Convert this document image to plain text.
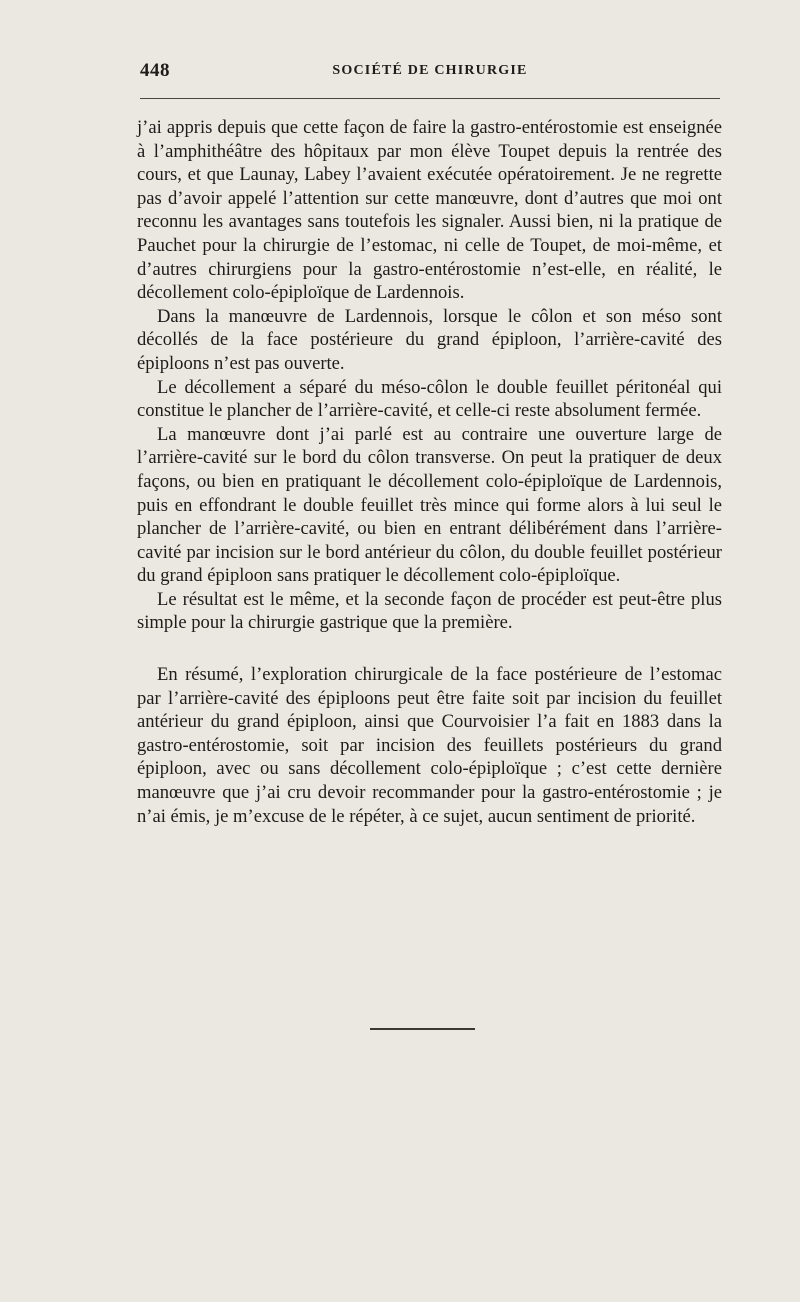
448	SOCIÉTÉ DE CHIRURGIE

j’ai appris depuis que cette façon de faire la gastro-entérostomie est enseignée à l’amphithéâtre des hôpitaux par mon élève Toupet depuis la rentrée des cours, et que Launay, Labey l’avaient exécutée opératoirement. Je ne regrette pas d’avoir appelé l’attention sur cette manœuvre, dont d’autres que moi ont reconnu les avantages sans toutefois les signaler. Aussi bien, ni la pratique de Pauchet pour la chirurgie de l’estomac, ni celle de Toupet, de moi-même, et d’autres chirurgiens pour la gastro-entérostomie n’est-elle, en réalité, le décollement colo-épiploïque de Lardennois.

Dans la manœuvre de Lardennois, lorsque le côlon et son méso sont décollés de la face postérieure du grand épiploon, l’arrière-cavité des épiploons n’est pas ouverte.

Le décollement a séparé du méso-côlon le double feuillet péritonéal qui constitue le plancher de l’arrière-cavité, et celle-ci reste absolument fermée.

La manœuvre dont j’ai parlé est au contraire une ouverture large de l’arrière-cavité sur le bord du côlon transverse. On peut la pratiquer de deux façons, ou bien en pratiquant le décollement colo-épiploïque de Lardennois, puis en effondrant le double feuillet très mince qui forme alors à lui seul le plancher de l’arrière-cavité, ou bien en entrant délibérément dans l’arrière-cavité par incision sur le bord antérieur du côlon, du double feuillet postérieur du grand épiploon sans pratiquer le décollement colo-épiploïque.

Le résultat est le même, et la seconde façon de procéder est peut-être plus simple pour la chirurgie gastrique que la première.

En résumé, l’exploration chirurgicale de la face postérieure de l’estomac par l’arrière-cavité des épiploons peut être faite soit par incision du feuillet antérieur du grand épiploon, ainsi que Courvoisier l’a fait en 1883 dans la gastro-entérostomie, soit par incision des feuillets postérieurs du grand épiploon, avec ou sans décollement colo-épiploïque ; c’est cette dernière manœuvre que j’ai cru devoir recommander pour la gastro-entérostomie ; je n’ai émis, je m’excuse de le répéter, à ce sujet, aucun sentiment de priorité.
